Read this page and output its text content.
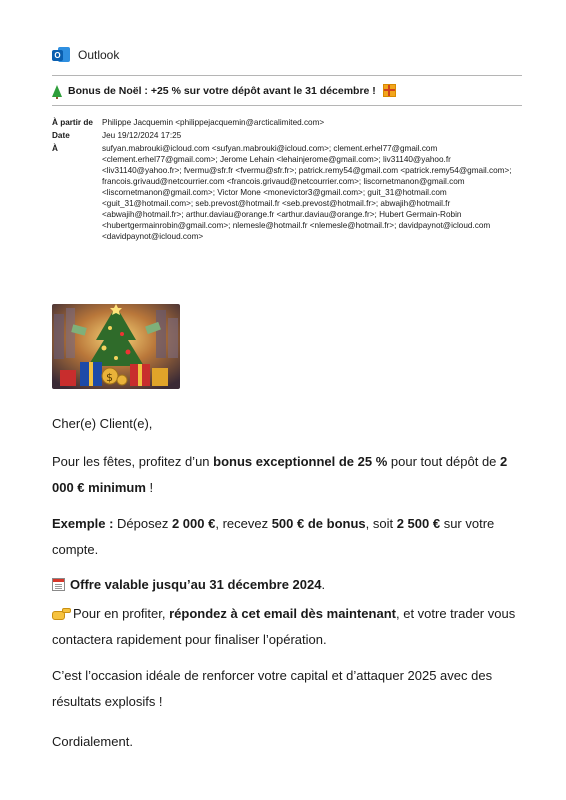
O Outlook
Bonus de Noël : +25 % sur votre dépôt avant le 31 décembre !
À partir de	Philippe Jacquemin <philippejacquemin@arcticalimited.com>
Date	Jeu 19/12/2024 17:25
À	sufyan.mabrouki@icloud.com <sufyan.mabrouki@icloud.com>; clement.erhel77@gmail.com <clement.erhel77@gmail.com>; Jerome Lehain <lehainjerome@gmail.com>; liv31140@yahoo.fr <liv31140@yahoo.fr>; fvermu@sfr.fr <fvermu@sfr.fr>; patrick.remy54@gmail.com <patrick.remy54@gmail.com>; francois.grivaud@netcourrier.com <francois.grivaud@netcourrier.com>; liscornetmanon@gmail.com <liscornetmanon@gmail.com>; Victor Mone <monevictor3@gmail.com>; guit_31@hotmail.com <guit_31@hotmail.com>; seb.prevost@hotmail.fr <seb.prevost@hotmail.fr>; abwajih@hotmail.fr <abwajih@hotmail.fr>; arthur.daviau@orange.fr <arthur.daviau@orange.fr>; Hubert Germain-Robin <hubertgermainrobin@gmail.com>; nlemesle@hotmail.fr <nlemesle@hotmail.fr>; davidpaynot@icloud.com <davidpaynot@icloud.com>
$
Cher(e) Client(e),
Pour les fêtes, profitez d’un bonus exceptionnel de 25 % pour tout dépôt de 2 000 € minimum !
Exemple : Déposez 2 000 €, recevez 500 € de bonus, soit 2 500 € sur votre compte.
Offre valable jusqu’au 31 décembre 2024.
Pour en profiter, répondez à cet email dès maintenant, et votre trader vous contactera rapidement pour finaliser l’opération.
C’est l’occasion idéale de renforcer votre capital et d’attaquer 2025 avec des résultats explosifs !
Cordialement.
